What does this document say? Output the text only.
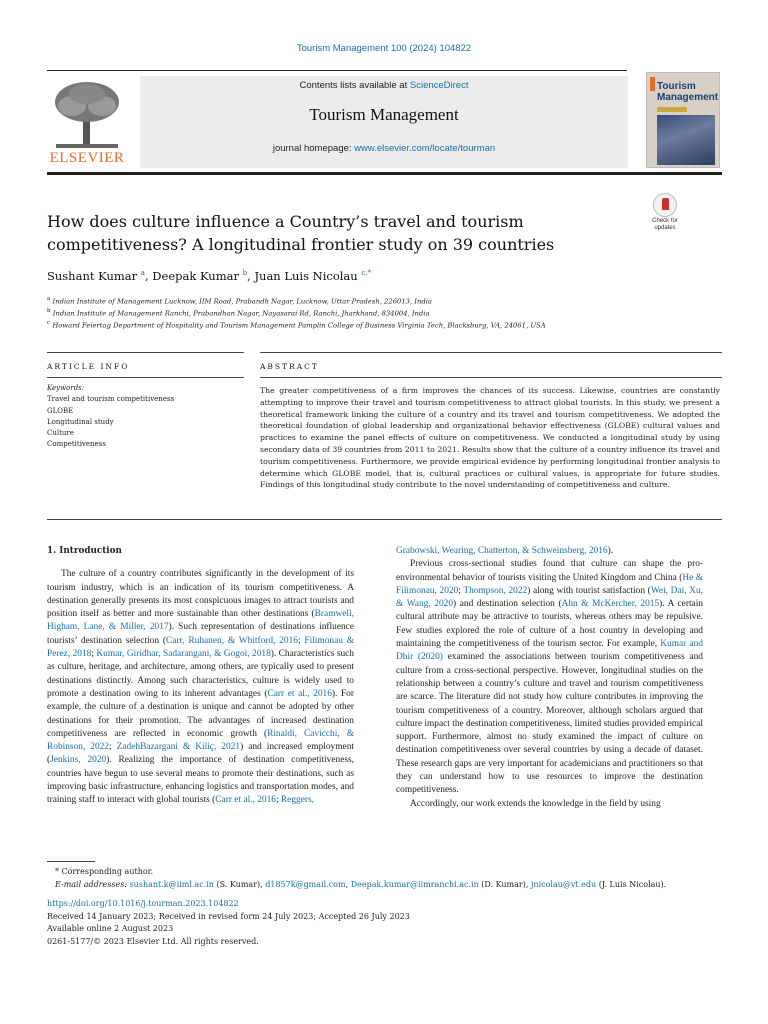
Tourism Management 100 (2024) 104822
ELSEVIER
Contents lists available at ScienceDirect
Tourism Management
journal homepage: www.elsevier.com/locate/tourman
Tourism
Management
Check for
updates
How does culture influence a Country’s travel and tourism
competitiveness? A longitudinal frontier study on 39 countries
Sushant Kumar $^a$, Deepak Kumar $^b$, Juan Luis Nicolau $^{c,*}$
$^a$ Indian Institute of Management Lucknow, IIM Road, Prabandh Nagar, Lucknow, Uttar Pradesh, 226013, India
$^b$ Indian Institute of Management Ranchi, Prabandhan Nagar, Nayasarai Rd, Ranchi, Jharkhand, 834004, India
$^c$ Howard Feiertag Department of Hospitality and Tourism Management Pamplin College of Business Virginia Tech, Blacksburg, VA, 24061, USA
ARTICLE INFO	ABSTRACT
Keywords:
Travel and tourism competitiveness
GLOBE
Longitudinal study
Culture
Competitiveness
The greater competitiveness of a firm improves the chances of its success. Likewise, countries are constantly attempting to improve their travel and tourism competitiveness to attract global tourists. In this study, we present a theoretical framework linking the culture of a country and its travel and tourism competitiveness. We adopted the theoretical foundation of global leadership and organizational behavior effectiveness (GLOBE) cultural values and practices to examine the panel effects of culture on competitiveness. We conducted a longitudinal study by using secondary data of 39 countries from 2011 to 2021. Results show that the culture of a country influence its travel and tourism competitiveness. Furthermore, we provide empirical evidence by performing longitudinal frontier analysis to determine which GLOBE model, that is, cultural practices or cultural values, is appropriate for future studies. Findings of this longitudinal study contribute to the novel understanding of competitiveness and culture.
1. Introduction

The culture of a country contributes significantly in the development of its tourism industry, which is an indication of its tourism competitiveness. A destination generally presents its most conspicuous images to attract tourists and position itself as better and more sustainable than other destinations (Bramwell, Higham, Lane, & Miller, 2017). Such representation of destinations influence tourists’ destination selection (Carr, Ruhanen, & Whitford, 2016; Filimonau & Perez, 2018; Kumar, Giridhar, Sadarangani, & Gogoi, 2018). Characteristics such as culture, heritage, and architecture, among others, are typically used to present destinations distinctly. Among such characteristics, culture is widely used to promote a destination owing to its inherent advantages (Carr et al., 2016). For example, the culture of a destination is unique and cannot be adopted by other destinations for their promotion. The advantages of increased destination competitiveness are reflected in economic growth (Rinaldi, Cavicchi, & Robinson, 2022; ZadehBazargani & Kiliç, 2021) and increased employment (Jenkins, 2020). Realizing the importance of destination competitiveness, countries have begun to use several means to promote their destinations, such as improving basic infrastructure, enhancing logistics and transportation modes, and training staff to interact with global tourists (Carr et al., 2016; Reggers,

Grabowski, Wearing, Chatterton, & Schweinsberg, 2016).

Previous cross-sectional studies found that culture can shape the pro-environmental behavior of tourists visiting the United Kingdom and China (He & Filimonau, 2020; Thompson, 2022) along with tourist satisfaction (Wei, Dai, Xu, & Wang, 2020) and destination selection (Ahn & McKercher, 2015). A certain cultural attribute may be attractive to tourists, whereas others may be repulsive. Few studies explored the role of culture of a host country in developing and maintaining the competitiveness of the tourism sector. For example, Kumar and Dhir (2020) examined the associations between tourism competitiveness and culture from a cross-sectional perspective. However, longitudinal studies on the relationship between a country’s culture and travel and tourism competitiveness are scarce. The literature did not study how culture contributes in improving the tourism competitiveness of a country. Moreover, although scholars argued that culture impact the destination competitiveness, limited studies provided empirical support. Furthermore, almost no study examined the impact of culture on destination competitiveness over several countries by using a decade of dataset. These research gaps are very important for academicians and practitioners so that they can understand how to use resources to improve the destination competitiveness.

Accordingly, our work extends the knowledge in the field by using

* Corresponding author.
E-mail addresses: sushant.k@iiml.ac.in (S. Kumar), d1857k@gmail.com, Deepak.kumar@iimranchi.ac.in (D. Kumar), jnicolau@vt.edu (J. Luis Nicolau).
https://doi.org/10.1016/j.tourman.2023.104822
Received 14 January 2023; Received in revised form 24 July 2023; Accepted 26 July 2023
Available online 2 August 2023
0261-5177/© 2023 Elsevier Ltd. All rights reserved.
